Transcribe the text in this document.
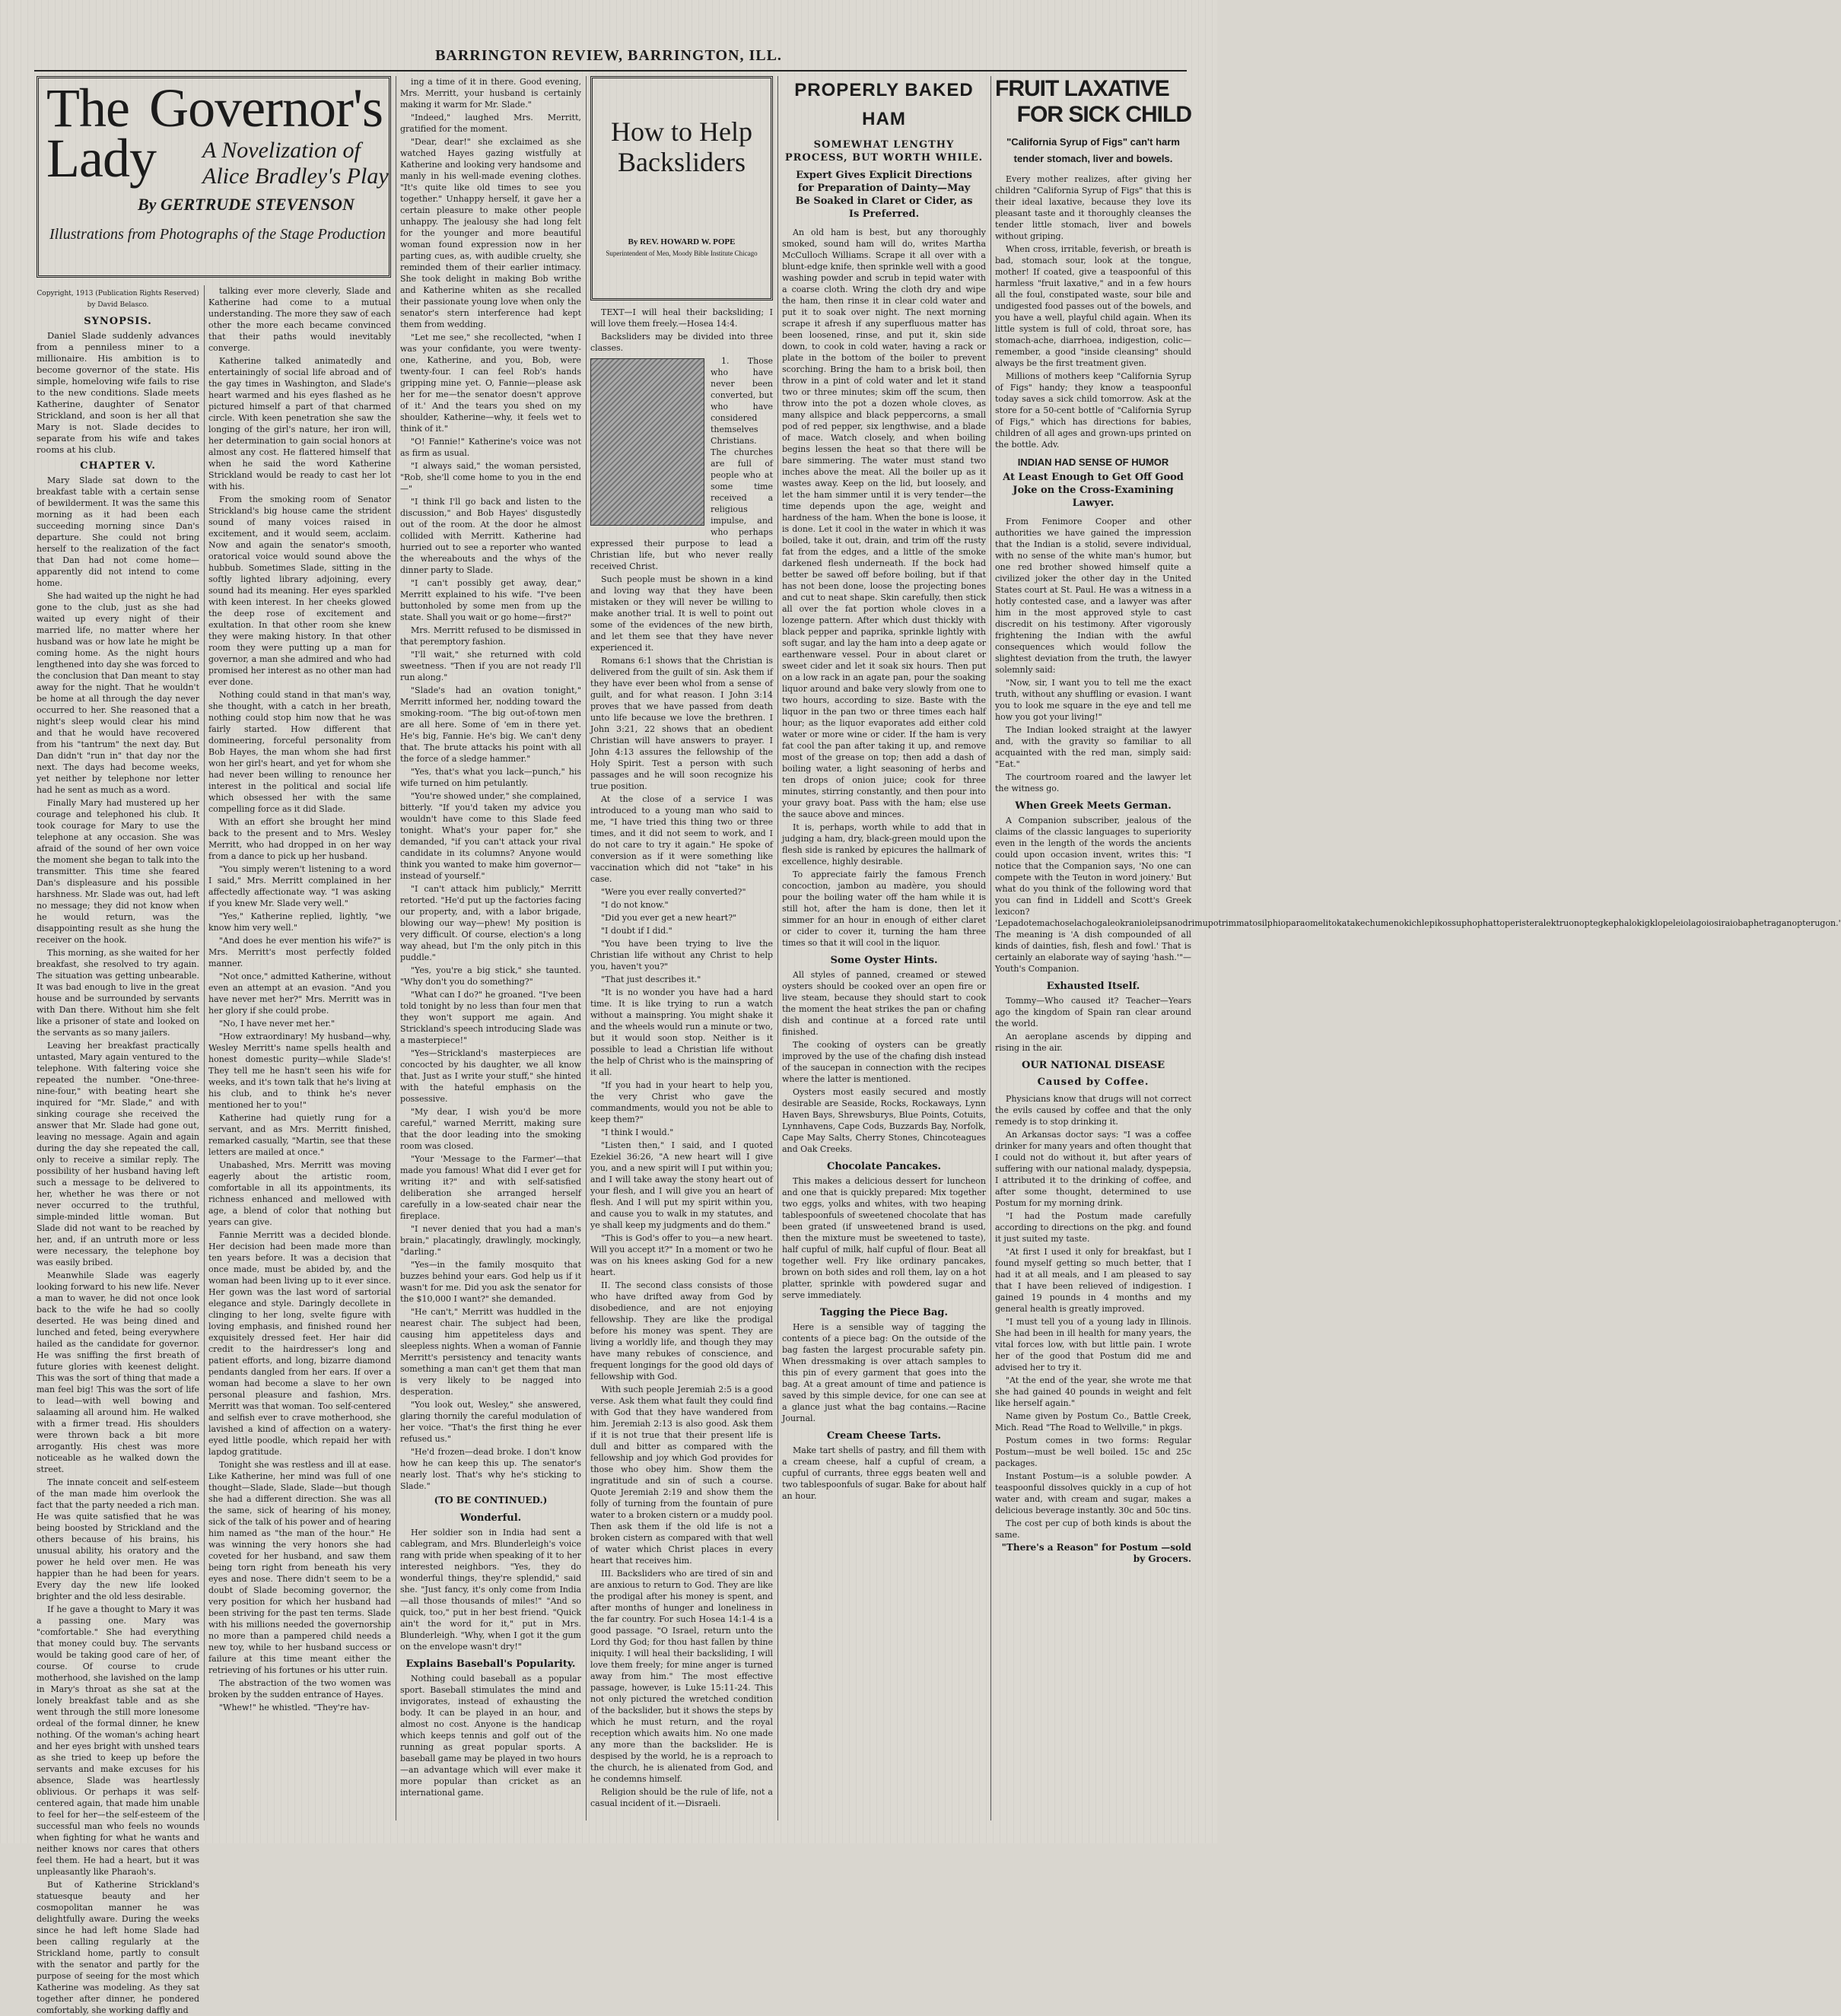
BARRINGTON REVIEW, BARRINGTON, ILL.
The Governor's Lady	A Novelization of
Alice Bradley's Play
By GERTRUDE STEVENSON
Illustrations from Photographs of the Stage Production
Copyright, 1913 (Publication Rights Reserved) by David Belasco.
SYNOPSIS.

Daniel Slade suddenly advances from a penniless miner to a millionaire. His ambition is to become governor of the state. His simple, homeloving wife fails to rise to the new conditions. Slade meets Katherine, daughter of Senator Strickland, and soon is her all that Mary is not. Slade decides to separate from his wife and takes rooms at his club.

CHAPTER V.

Mary Slade sat down to the breakfast table with a certain sense of bewilderment. It was the same this morning as it had been each succeeding morning since Dan's departure. She could not bring herself to the realization of the fact that Dan had not come home—apparently did not intend to come home.

She had waited up the night he had gone to the club, just as she had waited up every night of their married life, no matter where her husband was or how late he might be coming home. As the night hours lengthened into day she was forced to the conclusion that Dan meant to stay away for the night. That he wouldn't be home at all through the day never occurred to her. She reasoned that a night's sleep would clear his mind and that he would have recovered from his "tantrum" the next day. But Dan didn't "run in" that day nor the next. The days had become weeks, yet neither by telephone nor letter had he sent as much as a word.

Finally Mary had mustered up her courage and telephoned his club. It took courage for Mary to use the telephone at any occasion. She was afraid of the sound of her own voice the moment she began to talk into the transmitter. This time she feared Dan's displeasure and his possible harshness. Mr. Slade was out, had left no message; they did not know when he would return, was the disappointing result as she hung the receiver on the hook.

This morning, as she waited for her breakfast, she resolved to try again. The situation was getting unbearable. It was bad enough to live in the great house and be surrounded by servants with Dan there. Without him she felt like a prisoner of state and looked on the servants as so many jailers.

Leaving her breakfast practically untasted, Mary again ventured to the telephone. With faltering voice she repeated the number. "One-three-nine-four," with beating heart she inquired for "Mr. Slade," and with sinking courage she received the answer that Mr. Slade had gone out, leaving no message. Again and again during the day she repeated the call, only to receive a similar reply. The possibility of her husband having left such a message to be delivered to her, whether he was there or not never occurred to the truthful, simple-minded little woman. But Slade did not want to be reached by her, and, if an untruth more or less were necessary, the telephone boy was easily bribed.

Meanwhile Slade was eagerly looking forward to his new life. Never a man to waver, he did not once look back to the wife he had so coolly deserted. He was being dined and lunched and feted, being everywhere hailed as the candidate for governor. He was sniffing the first breath of future glories with keenest delight. This was the sort of thing that made a man feel big! This was the sort of life to lead—with well bowing and salaaming all around him. He walked with a firmer tread. His shoulders were thrown back a bit more arrogantly. His chest was more noticeable as he walked down the street.

The innate conceit and self-esteem of the man made him overlook the fact that the party needed a rich man. He was quite satisfied that he was being boosted by Strickland and the others because of his brains, his unusual ability, his oratory and the power he held over men. He was happier than he had been for years. Every day the new life looked brighter and the old less desirable.

If he gave a thought to Mary it was a passing one. Mary was "comfortable." She had everything that money could buy. The servants would be taking good care of her, of course. Of course to crude motherhood, she lavished on the lamp in Mary's throat as she sat at the lonely breakfast table and as she went through the still more lonesome ordeal of the formal dinner, he knew nothing. Of the woman's aching heart and her eyes bright with unshed tears as she tried to keep up before the servants and make excuses for his absence, Slade was heartlessly oblivious. Or perhaps it was self-centered again, that made him unable to feel for her—the self-esteem of the successful man who feels no wounds when fighting for what he wants and neither knows nor cares that others feel them. He had a heart, but it was unpleasantly like Pharaoh's.

But of Katherine Strickland's statuesque beauty and her cosmopolitan manner he was delightfully aware. During the weeks since he had left home Slade had been calling regularly at the Strickland home, partly to consult with the senator and partly for the purpose of seeing for the most which Katherine was modeling. As they sat together after dinner, he pondered comfortably, she working daffly and

talking ever more cleverly, Slade and Katherine had come to a mutual understanding. The more they saw of each other the more each became convinced that their paths would inevitably converge.

Katherine talked animatedly and entertainingly of social life abroad and of the gay times in Washington, and Slade's heart warmed and his eyes flashed as he pictured himself a part of that charmed circle. With keen penetration she saw the longing of the girl's nature, her iron will, her determination to gain social honors at almost any cost. He flattered himself that when he said the word Katherine Strickland would be ready to cast her lot with his.

From the smoking room of Senator Strickland's big house came the strident sound of many voices raised in excitement, and it would seem, acclaim. Now and again the senator's smooth, oratorical voice would sound above the hubbub. Sometimes Slade, sitting in the softly lighted library adjoining, every sound had its meaning. Her eyes sparkled with keen interest. In her cheeks glowed the deep rose of excitement and exultation. In that other room she knew they were making history. In that other room they were putting up a man for governor, a man she admired and who had promised her interest as no other man had ever done.

Nothing could stand in that man's way, she thought, with a catch in her breath, nothing could stop him now that he was fairly started. How different that domineering, forceful personality from Bob Hayes, the man whom she had first won her girl's heart, and yet for whom she had never been willing to renounce her interest in the political and social life which obsessed her with the same compelling force as it did Slade.

With an effort she brought her mind back to the present and to Mrs. Wesley Merritt, who had dropped in on her way from a dance to pick up her husband.

"You simply weren't listening to a word I said," Mrs. Merritt complained in her affectedly affectionate way. "I was asking if you knew Mr. Slade very well."

"Yes," Katherine replied, lightly, "we know him very well."

"And does he ever mention his wife?" is Mrs. Merritt's most perfectly folded manner.

"Not once," admitted Katherine, without even an attempt at an evasion. "And you have never met her?" Mrs. Merritt was in her glory if she could probe.

"No, I have never met her."

"How extraordinary! My husband—why, Wesley Merritt's name spells health and honest domestic purity—while Slade's! They tell me he hasn't seen his wife for weeks, and it's town talk that he's living at his club, and to think he's never mentioned her to you!"

Katherine had quietly rung for a servant, and as Mrs. Merritt finished, remarked casually, "Martin, see that these letters are mailed at once."

Unabashed, Mrs. Merritt was moving eagerly about the artistic room, comfortable in all its appointments, its richness enhanced and mellowed with age, a blend of color that nothing but years can give.

Fannie Merritt was a decided blonde. Her decision had been made more than ten years before. It was a decision that once made, must be abided by, and the woman had been living up to it ever since. Her gown was the last word of sartorial elegance and style. Daringly decollete in clinging to her long, svelte figure with loving emphasis, and finished round her exquisitely dressed feet. Her hair did credit to the hairdresser's long and patient efforts, and long, bizarre diamond pendants dangled from her ears. If over a woman had become a slave to her own personal pleasure and fashion, Mrs. Merritt was that woman. Too self-centered and selfish ever to crave motherhood, she lavished a kind of affection on a watery-eyed little poodle, which repaid her with lapdog gratitude.

Tonight she was restless and ill at ease. Like Katherine, her mind was full of one thought—Slade, Slade, Slade—but though she had a different direction. She was all the same, sick of hearing of his money, sick of the talk of his power and of hearing him named as "the man of the hour." He was winning the very honors she had coveted for her husband, and saw them being torn right from beneath his very eyes and nose. There didn't seem to be a doubt of Slade becoming governor, the very position for which her husband had been striving for the past ten terms. Slade with his millions needed the governorship no more than a pampered child needs a new toy, while to her husband success or failure at this time meant either the retrieving of his fortunes or his utter ruin.

The abstraction of the two women was broken by the sudden entrance of Hayes.

"Whew!" he whistled. "They're hav-

ing a time of it in there. Good evening, Mrs. Merritt, your husband is certainly making it warm for Mr. Slade."

"Indeed," laughed Mrs. Merritt, gratified for the moment.

"Dear, dear!" she exclaimed as she watched Hayes gazing wistfully at Katherine and looking very handsome and manly in his well-made evening clothes. "It's quite like old times to see you together." Unhappy herself, it gave her a certain pleasure to make other people unhappy. The jealousy she had long felt for the younger and more beautiful woman found expression now in her parting cues, as, with audible cruelty, she reminded them of their earlier intimacy. She took delight in making Bob writhe and Katherine whiten as she recalled their passionate young love when only the senator's stern interference had kept them from wedding.

"Let me see," she recollected, "when I was your confidante, you were twenty-one, Katherine, and you, Bob, were twenty-four. I can feel Rob's hands gripping mine yet. O, Fannie—please ask her for me—the senator doesn't approve of it.' And the tears you shed on my shoulder, Katherine—why, it feels wet to think of it."

"O! Fannie!" Katherine's voice was not as firm as usual.

"I always said," the woman persisted, "Rob, she'll come home to you in the end—"

"I think I'll go back and listen to the discussion," and Bob Hayes' disgustedly out of the room. At the door he almost collided with Merritt. Katherine had hurried out to see a reporter who wanted the whereabouts and the whys of the dinner party to Slade.

"I can't possibly get away, dear," Merritt explained to his wife. "I've been buttonholed by some men from up the state. Shall you wait or go home—first?"

Mrs. Merritt refused to be dismissed in that peremptory fashion.

"I'll wait," she returned with cold sweetness. "Then if you are not ready I'll run along."

"Slade's had an ovation tonight," Merritt informed her, nodding toward the smoking-room. "The big out-of-town men are all here. Some of 'em in there yet. He's big, Fannie. He's big. We can't deny that. The brute attacks his point with all the force of a sledge hammer."

"Yes, that's what you lack—punch," his wife turned on him petulantly.

"You're showed under," she complained, bitterly. "If you'd taken my advice you wouldn't have come to this Slade feed tonight. What's your paper for," she demanded, "if you can't attack your rival candidate in its columns? Anyone would think you wanted to make him governor—instead of yourself."

"I can't attack him publicly," Merritt retorted. "He'd put up the factories facing our property, and, with a labor brigade, blowing our way—phew! My position is very difficult. Of course, election's a long way ahead, but I'm the only pitch in this puddle."

"Yes, you're a big stick," she taunted. "Why don't you do something?"

"What can I do?" he groaned. "I've been told tonight by no less than four men that they won't support me again. And Strickland's speech introducing Slade was a masterpiece!"

"Yes—Strickland's masterpieces are concocted by his daughter, we all know that. Just as I write your stuff," she hinted with the hateful emphasis on the possessive.

"My dear, I wish you'd be more careful," warned Merritt, making sure that the door leading into the smoking room was closed.

"Your 'Message to the Farmer'—that made you famous! What did I ever get for writing it?" and with self-satisfied deliberation she arranged herself carefully in a low-seated chair near the fireplace.

"I never denied that you had a man's brain," placatingly, drawlingly, mockingly, "darling."

"Yes—in the family mosquito that buzzes behind your ears. God help us if it wasn't for me. Did you ask the senator for the $10,000 I want?" she demanded.

"He can't," Merritt was huddled in the nearest chair. The subject had been, causing him appetiteless days and sleepless nights. When a woman of Fannie Merritt's persistency and tenacity wants something a man can't get them that man is very likely to be nagged into desperation.

"You look out, Wesley," she answered, glaring thornily the careful modulation of her voice. "That's the first thing he ever refused us."

"He'd frozen—dead broke. I don't know how he can keep this up. The senator's nearly lost. That's why he's sticking to Slade."

(TO BE CONTINUED.)
Wonderful.

Her soldier son in India had sent a cablegram, and Mrs. Blunderleigh's voice rang with pride when speaking of it to her interested neighbors. "Yes, they do wonderful things, they're splendid," said she. "Just fancy, it's only come from India—all those thousands of miles!" "And so quick, too," put in her best friend. "Quick ain't the word for it," put in Mrs. Blunderleigh. "Why, when I got it the gum on the envelope wasn't dry!"

Explains Baseball's Popularity.

Nothing could baseball as a popular sport. Baseball stimulates the mind and invigorates, instead of exhausting the body. It can be played in an hour, and almost no cost. Anyone is the handicap which keeps tennis and golf out of the running as great popular sports. A baseball game may be played in two hours—an advantage which will ever make it more popular than cricket as an international game.

How to Help Backsliders
By REV. HOWARD W. POPE
Superintendent of Men, Moody Bible Institute Chicago

TEXT—I will heal their backsliding; I will love them freely.—Hosea 14:4.

Backsliders may be divided into three classes.

1. Those who have never been converted, but who have considered themselves Christians. The churches are full of people who at some time received a religious impulse, and who perhaps expressed their purpose to lead a Christian life, but who never really received Christ.

Such people must be shown in a kind and loving way that they have been mistaken or they will never be willing to make another trial. It is well to point out some of the evidences of the new birth, and let them see that they have never experienced it.

Romans 6:1 shows that the Christian is delivered from the guilt of sin. Ask them if they have ever been whol from a sense of guilt, and for what reason. I John 3:14 proves that we have passed from death unto life because we love the brethren. I John 3:21, 22 shows that an obedient Christian will have answers to prayer. I John 4:13 assures the fellowship of the Holy Spirit. Test a person with such passages and he will soon recognize his true position.

At the close of a service I was introduced to a young man who said to me, "I have tried this thing two or three times, and it did not seem to work, and I do not care to try it again." He spoke of conversion as if it were something like vaccination which did not "take" in his case.

"Were you ever really converted?"

"I do not know."

"Did you ever get a new heart?"

"I doubt if I did."

"You have been trying to live the Christian life without any Christ to help you, haven't you?"

"That just describes it."

"It is no wonder you have had a hard time. It is like trying to run a watch without a mainspring. You might shake it and the wheels would run a minute or two, but it would soon stop. Neither is it possible to lead a Christian life without the help of Christ who is the mainspring of it all.

"If you had in your heart to help you, the very Christ who gave the commandments, would you not be able to keep them?"

"I think I would."

"Listen then," I said, and I quoted Ezekiel 36:26, "A new heart will I give you, and a new spirit will I put within you; and I will take away the stony heart out of your flesh, and I will give you an heart of flesh. And I will put my spirit within you, and cause you to walk in my statutes, and ye shall keep my judgments and do them."

"This is God's offer to you—a new heart. Will you accept it?" In a moment or two he was on his knees asking God for a new heart.

II. The second class consists of those who have drifted away from God by disobedience, and are not enjoying fellowship. They are like the prodigal before his money was spent. They are living a worldly life, and though they may have many rebukes of conscience, and frequent longings for the good old days of fellowship with God.

With such people Jeremiah 2:5 is a good verse. Ask them what fault they could find with God that they have wandered from him. Jeremiah 2:13 is also good. Ask them if it is not true that their present life is dull and bitter as compared with the fellowship and joy which God provides for those who obey him. Show them the ingratitude and sin of such a course. Quote Jeremiah 2:19 and show them the folly of turning from the fountain of pure water to a broken cistern or a muddy pool. Then ask them if the old life is not a broken cistern as compared with that well of water which Christ places in every heart that receives him.

III. Backsliders who are tired of sin and are anxious to return to God. They are like the prodigal after his money is spent, and after months of hunger and loneliness in the far country. For such Hosea 14:1-4 is a good passage. "O Israel, return unto the Lord thy God; for thou hast fallen by thine iniquity. I will heal their backsliding, I will love them freely; for mine anger is turned away from him." The most effective passage, however, is Luke 15:11-24. This not only pictured the wretched condition of the backslider, but it shows the steps by which he must return, and the royal reception which awaits him. No one made any more than the backslider. He is despised by the world, he is a reproach to the church, he is alienated from God, and he condemns himself.

Religion should be the rule of life, not a casual incident of it.—Disraeli.

PROPERLY BAKED HAM
SOMEWHAT LENGTHY PROCESS, BUT WORTH WHILE.
Expert Gives Explicit Directions for Preparation of Dainty—May Be Soaked in Claret or Cider, as Is Preferred.

An old ham is best, but any thoroughly smoked, sound ham will do, writes Martha McCulloch Williams. Scrape it all over with a blunt-edge knife, then sprinkle well with a good washing powder and scrub in tepid water with a coarse cloth. Wring the cloth dry and wipe the ham, then rinse it in clear cold water and put it to soak over night. The next morning scrape it afresh if any superfluous matter has been loosened, rinse, and put it, skin side down, to cook in cold water, having a rack or plate in the bottom of the boiler to prevent scorching. Bring the ham to a brisk boil, then throw in a pint of cold water and let it stand two or three minutes; skim off the scum, then throw into the pot a dozen whole cloves, as many allspice and black peppercorns, a small pod of red pepper, six lengthwise, and a blade of mace. Watch closely, and when boiling begins lessen the heat so that there will be bare simmering. The water must stand two inches above the meat. All the boiler up as it wastes away. Keep on the lid, but loosely, and let the ham simmer until it is very tender—the time depends upon the age, weight and hardness of the ham. When the bone is loose, it is done. Let it cool in the water in which it was boiled, take it out, drain, and trim off the rusty fat from the edges, and a little of the smoke darkened flesh underneath. If the bock had better be sawed off before boiling, but if that has not been done, loose the projecting bones and cut to neat shape. Skin carefully, then stick all over the fat portion whole cloves in a lozenge pattern. After which dust thickly with black pepper and paprika, sprinkle lightly with soft sugar, and lay the ham into a deep agate or earthenware vessel. Pour in about claret or sweet cider and let it soak six hours. Then put on a low rack in an agate pan, pour the soaking liquor around and bake very slowly from one to two hours, according to size. Baste with the liquor in the pan two or three times each half hour; as the liquor evaporates add either cold water or more wine or cider. If the ham is very fat cool the pan after taking it up, and remove most of the grease on top; then add a dash of boiling water, a light seasoning of herbs and ten drops of onion juice; cook for three minutes, stirring constantly, and then pour into your gravy boat. Pass with the ham; else use the sauce above and minces.

It is, perhaps, worth while to add that in judging a ham, dry, black-green mould upon the flesh side is ranked by epicures the hallmark of excellence, highly desirable.

To appreciate fairly the famous French concoction, jambon au madère, you should pour the boiling water off the ham while it is still hot, after the ham is done, then let it simmer for an hour in enough of either claret or cider to cover it, turning the ham three times so that it will cool in the liquor.

Some Oyster Hints.

All styles of panned, creamed or stewed oysters should be cooked over an open fire or live steam, because they should start to cook the moment the heat strikes the pan or chafing dish and continue at a forced rate until finished.

The cooking of oysters can be greatly improved by the use of the chafing dish instead of the saucepan in connection with the recipes where the latter is mentioned.

Oysters most easily secured and mostly desirable are Seaside, Rocks, Rockaways, Lynn Haven Bays, Shrewsburys, Blue Points, Cotuits, Lynnhavens, Cape Cods, Buzzards Bay, Norfolk, Cape May Salts, Cherry Stones, Chincoteagues and Oak Creeks.

Chocolate Pancakes.

This makes a delicious dessert for luncheon and one that is quickly prepared: Mix together two eggs, yolks and whites, with two heaping tablespoonfuls of sweetened chocolate that has been grated (if unsweetened brand is used, then the mixture must be sweetened to taste), half cupful of milk, half cupful of flour. Beat all together well. Fry like ordinary pancakes, brown on both sides and roll them, lay on a hot platter, sprinkle with powdered sugar and serve immediately.

Tagging the Piece Bag.

Here is a sensible way of tagging the contents of a piece bag: On the outside of the bag fasten the largest procurable safety pin. When dressmaking is over attach samples to this pin of every garment that goes into the bag. At a great amount of time and patience is saved by this simple device, for one can see at a glance just what the bag contains.—Racine Journal.

Cream Cheese Tarts.

Make tart shells of pastry, and fill them with a cream cheese, half a cupful of cream, a cupful of currants, three eggs beaten well and two tablespoonfuls of sugar. Bake for about half an hour.

FRUIT LAXATIVE
FOR SICK CHILD
"California Syrup of Figs" can't harm tender stomach, liver and bowels.

Every mother realizes, after giving her children "California Syrup of Figs" that this is their ideal laxative, because they love its pleasant taste and it thoroughly cleanses the tender little stomach, liver and bowels without griping.

When cross, irritable, feverish, or breath is bad, stomach sour, look at the tongue, mother! If coated, give a teaspoonful of this harmless "fruit laxative," and in a few hours all the foul, constipated waste, sour bile and undigested food passes out of the bowels, and you have a well, playful child again. When its little system is full of cold, throat sore, has stomach-ache, diarrhoea, indigestion, colic—remember, a good "inside cleansing" should always be the first treatment given.

Millions of mothers keep "California Syrup of Figs" handy; they know a teaspoonful today saves a sick child tomorrow. Ask at the store for a 50-cent bottle of "California Syrup of Figs," which has directions for babies, children of all ages and grown-ups printed on the bottle. Adv.

INDIAN HAD SENSE OF HUMOR
At Least Enough to Get Off Good Joke on the Cross-Examining Lawyer.

From Fenimore Cooper and other authorities we have gained the impression that the Indian is a stolid, severe individual, with no sense of the white man's humor, but one red brother showed himself quite a civilized joker the other day in the United States court at St. Paul. He was a witness in a hotly contested case, and a lawyer was after him in the most approved style to cast discredit on his testimony. After vigorously frightening the Indian with the awful consequences which would follow the slightest deviation from the truth, the lawyer solemnly said:

"Now, sir, I want you to tell me the exact truth, without any shuffling or evasion. I want you to look me square in the eye and tell me how you got your living!"

The Indian looked straight at the lawyer and, with the gravity so familiar to all acquainted with the red man, simply said: "Eat."

The courtroom roared and the lawyer let the witness go.

When Greek Meets German.

A Companion subscriber, jealous of the claims of the classic languages to superiority even in the length of the words the ancients could upon occasion invent, writes this: "I notice that the Companion says, 'No one can compete with the Teuton in word joinery.' But what do you think of the following word that you can find in Liddell and Scott's Greek lexicon? 'Lepadotemachoselachogaleokranioleipsanodrimupotrimmatosilphioparaomelitokatakechumenokichlepikossuphophattoperisteralektruonoptegkephalokigklopeleiolagoiosiraiobaphetraganopterugon.' The meaning is 'A dish compounded of all kinds of dainties, fish, flesh and fowl.' That is certainly an elaborate way of saying 'hash.'"—Youth's Companion.

Exhausted Itself.

Tommy—Who caused it? Teacher—Years ago the kingdom of Spain ran clear around the world.

An aeroplane ascends by dipping and rising in the air.

OUR NATIONAL DISEASE
Caused by Coffee.

Physicians know that drugs will not correct the evils caused by coffee and that the only remedy is to stop drinking it.

An Arkansas doctor says: "I was a coffee drinker for many years and often thought that I could not do without it, but after years of suffering with our national malady, dyspepsia, I attributed it to the drinking of coffee, and after some thought, determined to use Postum for my morning drink.

"I had the Postum made carefully according to directions on the pkg. and found it just suited my taste.

"At first I used it only for breakfast, but I found myself getting so much better, that I had it at all meals, and I am pleased to say that I have been relieved of indigestion. I gained 19 pounds in 4 months and my general health is greatly improved.

"I must tell you of a young lady in Illinois. She had been in ill health for many years, the vital forces low, with but little pain. I wrote her of the good that Postum did me and advised her to try it.

"At the end of the year, she wrote me that she had gained 40 pounds in weight and felt like herself again."

Name given by Postum Co., Battle Creek, Mich. Read "The Road to Wellville," in pkgs.

Postum comes in two forms: Regular Postum—must be well boiled. 15c and 25c packages.

Instant Postum—is a soluble powder. A teaspoonful dissolves quickly in a cup of hot water and, with cream and sugar, makes a delicious beverage instantly. 30c and 50c tins.

The cost per cup of both kinds is about the same.

"There's a Reason" for Postum —sold by Grocers.
